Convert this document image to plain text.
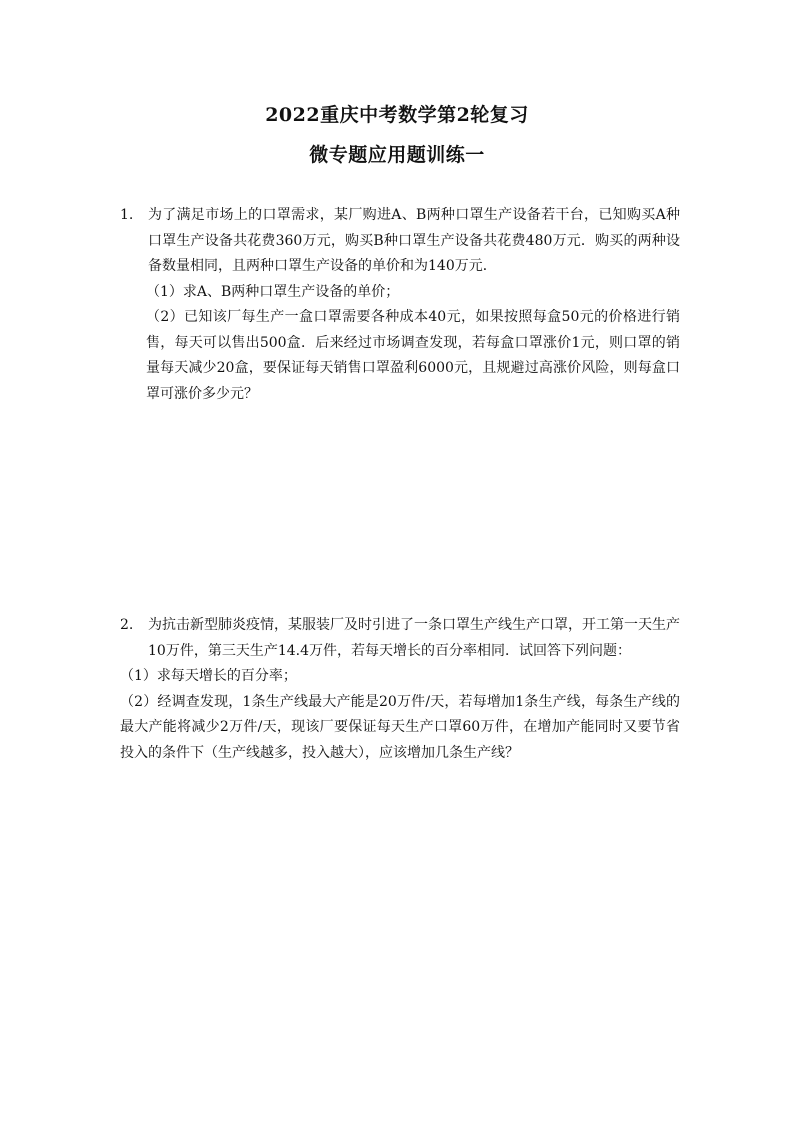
2022重庆中考数学第2轮复习
微专题应用题训练一
1.	为了满足市场上的口罩需求，某厂购进A、B两种口罩生产设备若干台，已知购买A种口罩生产设备共花费360万元，购买B种口罩生产设备共花费480万元．购买的两种设备数量相同，且两种口罩生产设备的单价和为140万元．
（1）求A、B两种口罩生产设备的单价；
（2）已知该厂每生产一盒口罩需要各种成本40元，如果按照每盒50元的价格进行销售，每天可以售出500盒．后来经过市场调查发现，若每盒口罩涨价1元，则口罩的销量每天减少20盒，要保证每天销售口罩盈利6000元，且规避过高涨价风险，则每盒口罩可涨价多少元？
2.	为抗击新型肺炎疫情，某服装厂及时引进了一条口罩生产线生产口罩，开工第一天生产10万件，第三天生产14.4万件，若每天增长的百分率相同．试回答下列问题：
（1）求每天增长的百分率；
（2）经调查发现，1条生产线最大产能是20万件/天，若每增加1条生产线，每条生产线的最大产能将减少2万件/天，现该厂要保证每天生产口罩60万件，在增加产能同时又要节省投入的条件下（生产线越多，投入越大），应该增加几条生产线？
